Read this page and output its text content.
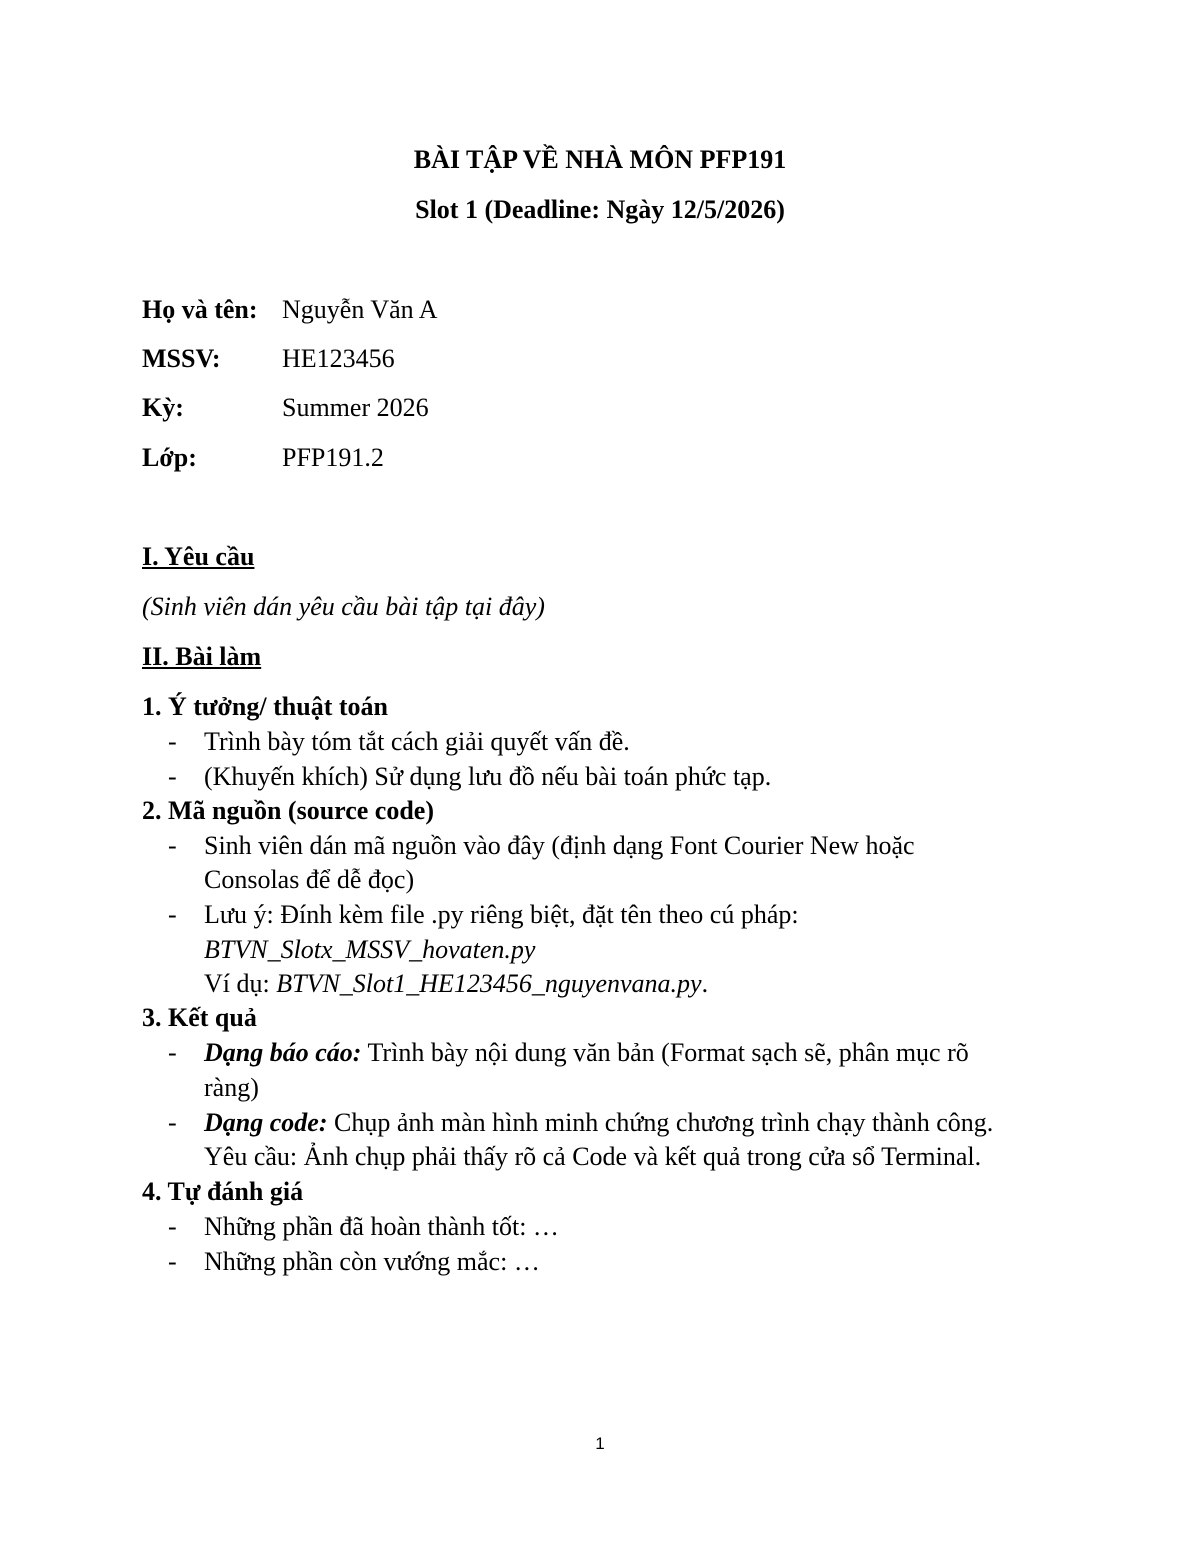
BÀI TẬP VỀ NHÀ MÔN PFP191
Slot 1 (Deadline: Ngày 12/5/2026)
Họ và tên: Nguyễn Văn A
MSSV: HE123456
Kỳ:	Summer 2026
Lớp:	PFP191.2
I. Yêu cầu
(Sinh viên dán yêu cầu bài tập tại đây)
II. Bài làm
1. Ý tưởng/ thuật toán
- Trình bày tóm tắt cách giải quyết vấn đề.
- (Khuyến khích) Sử dụng lưu đồ nếu bài toán phức tạp.
2. Mã nguồn (source code)
- Sinh viên dán mã nguồn vào đây (định dạng Font Courier New hoặc
Consolas để dễ đọc)
- Lưu ý: Đính kèm file .py riêng biệt, đặt tên theo cú pháp:
BTVN_Slotx_MSSV_hovaten.py
Ví dụ: BTVN_Slot1_HE123456_nguyenvana.py.
3. Kết quả
- Dạng báo cáo: Trình bày nội dung văn bản (Format sạch sẽ, phân mục rõ
ràng)
- Dạng code: Chụp ảnh màn hình minh chứng chương trình chạy thành công.
Yêu cầu: Ảnh chụp phải thấy rõ cả Code và kết quả trong cửa sổ Terminal.
4. Tự đánh giá
- Những phần đã hoàn thành tốt: …
- Những phần còn vướng mắc: …
1
